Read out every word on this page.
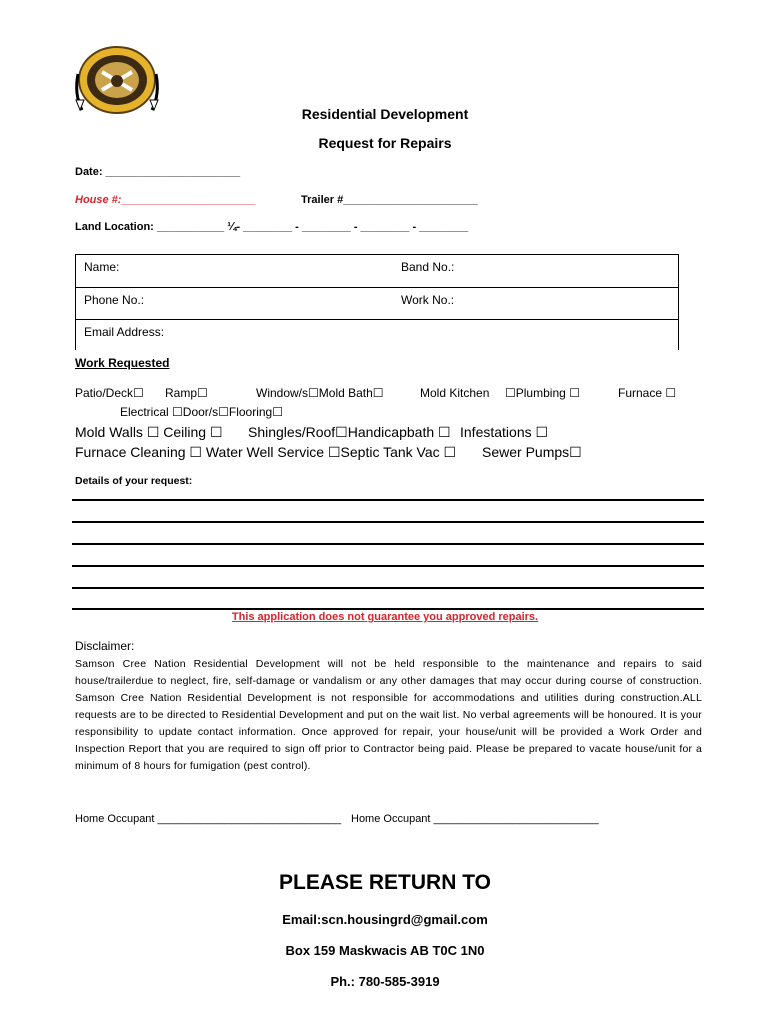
Residential Development
Request for Repairs
Date: ______________________
House #:______________________	Trailer #______________________
Land Location: ___________ ¼- ________ - ________ - ________ - ________
Name:	Band No.:
Phone No.:	Work No.:
Email Address:
Work Requested
Patio/Deck☐ Ramp☐	Window/s☐Mold Bath☐	Mold Kitchen ☐Plumbing ☐	Furnace ☐
Electrical ☐Door/s☐Flooring☐
Mold Walls ☐ Ceiling ☐ Shingles/Roof☐Handicapbath ☐ Infestations ☐
Furnace Cleaning ☐ Water Well Service ☐Septic Tank Vac ☐ Sewer Pumps☐
Details of your request:
This application does not guarantee you approved repairs.
Disclaimer:
Samson Cree Nation Residential Development will not be held responsible to the maintenance and repairs to said house/trailerdue to neglect, fire, self-damage or vandalism or any other damages that may occur during course of construction. Samson Cree Nation Residential Development is not responsible for accommodations and utilities during construction.ALL requests are to be directed to Residential Development and put on the wait list. No verbal agreements will be honoured. It is your responsibility to update contact information. Once approved for repair, your house/unit will be provided a Work Order and Inspection Report that you are required to sign off prior to Contractor being paid. Please be prepared to vacate house/unit for a minimum of 8 hours for fumigation (pest control).
Home Occupant ______________________________ Home Occupant ___________________________
PLEASE RETURN TO
Email:scn.housingrd@gmail.com
Box 159 Maskwacis AB T0C 1N0
Ph.: 780-585-3919
